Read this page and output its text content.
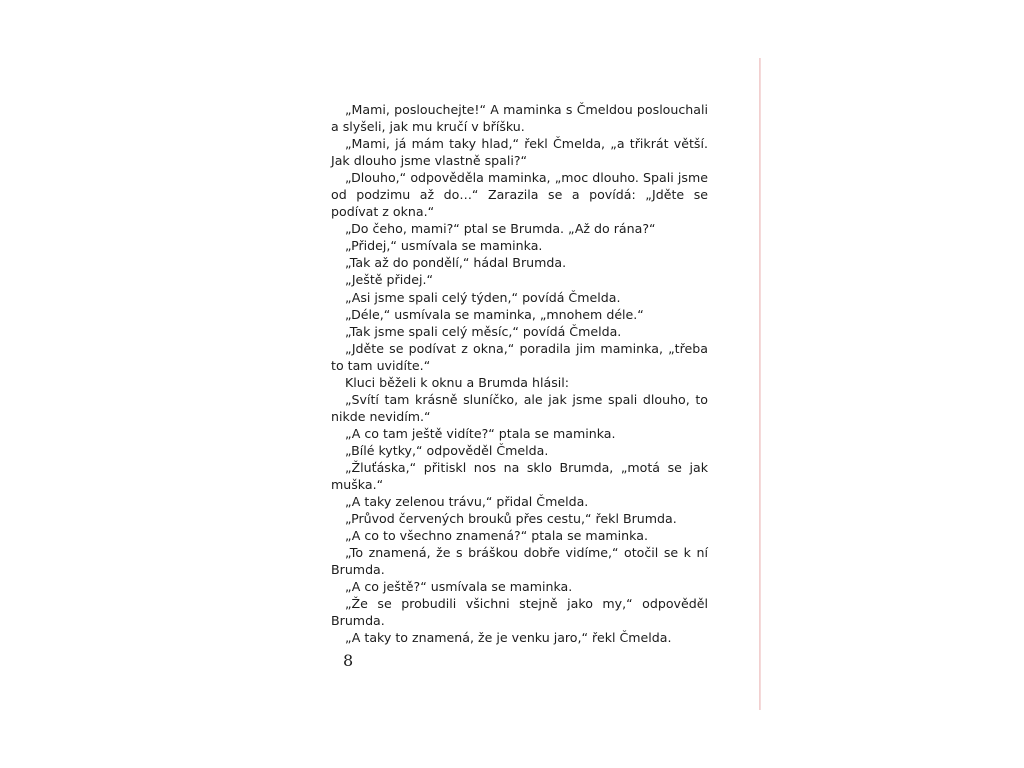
„Mami, poslouchejte!“ A maminka s Čmeldou poslouchali a slyšeli, jak mu kručí v bříšku.

„Mami, já mám taky hlad,“ řekl Čmelda, „a třikrát větší. Jak dlouho jsme vlastně spali?“

„Dlouho,“ odpověděla maminka, „moc dlouho. Spali jsme od podzimu až do…“ Zarazila se a povídá: „Jděte se podívat z okna.“

„Do čeho, mami?“ ptal se Brumda. „Až do rána?“

„Přidej,“ usmívala se maminka.

„Tak až do pondělí,“ hádal Brumda.

„Ještě přidej.“

„Asi jsme spali celý týden,“ povídá Čmelda.

„Déle,“ usmívala se maminka, „mnohem déle.“

„Tak jsme spali celý měsíc,“ povídá Čmelda.

„Jděte se podívat z okna,“ poradila jim maminka, „třeba to tam uvidíte.“

Kluci běželi k oknu a Brumda hlásil:

„Svítí tam krásně sluníčko, ale jak jsme spali dlouho, to nikde nevidím.“

„A co tam ještě vidíte?“ ptala se maminka.

„Bílé kytky,“ odpověděl Čmelda.

„Žluťáska,“ přitiskl nos na sklo Brumda, „motá se jak muška.“

„A taky zelenou trávu,“ přidal Čmelda.

„Průvod červených brouků přes cestu,“ řekl Brumda.

„A co to všechno znamená?“ ptala se maminka.

„To znamená, že s bráškou dobře vidíme,“ otočil se k ní Brumda.

„A co ještě?“ usmívala se maminka.

„Že se probudili všichni stejně jako my,“ odpověděl Brumda.

„A taky to znamená, že je venku jaro,“ řekl Čmelda.

8
